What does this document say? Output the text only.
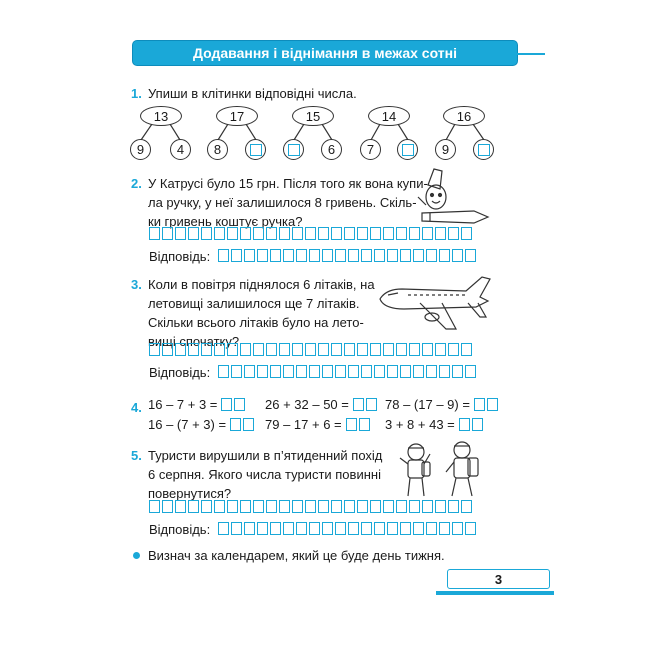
Додавання і віднімання в межах сотні
1. Упиши в клітинки відповідні числа.
13
9	4
17
8
15
6
14
7
16
9
2. У Катрусі було 15 грн. Після того як вона купи-
ла ручку, у неї залишилося 8 гривень. Скіль-
ки гривень коштує ручка?
Відповідь:
3. Коли в повітря піднялося 6 літаків, на
летовищі залишилося ще 7 літаків.
Скільки всього літаків було на лето-
вищі спочатку?
Відповідь:
4. 16 – 7 + 3 =	26 + 32 – 50 =	78 – (17 – 9) =
16 – (7 + 3) =	79 – 17 + 6 =	3 + 8 + 43 =
5. Туристи вирушили в п’ятиденний похід
6 серпня. Якого числа туристи повинні
повернутися?
Відповідь:
Визнач за календарем, який це буде день тижня.
3
